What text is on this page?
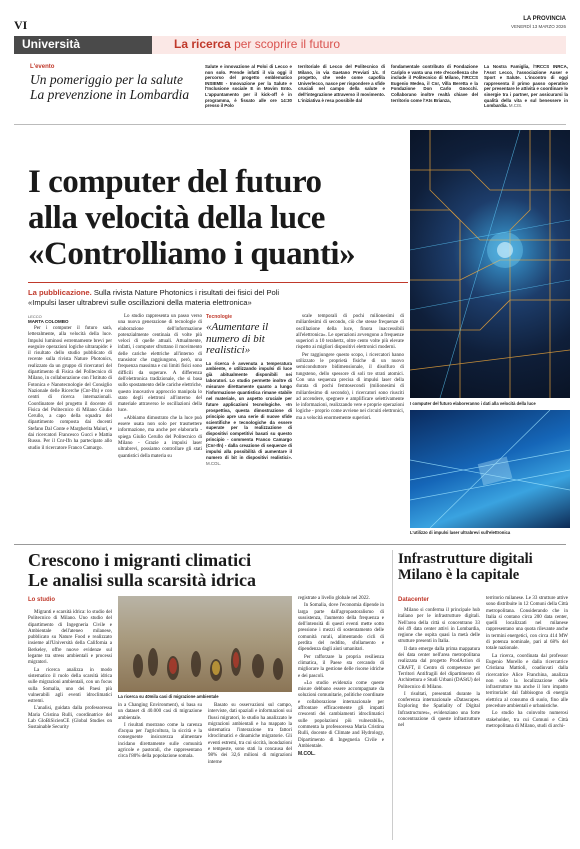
VI	LA PROVINCIA
VENERDÌ 13 MARZO 2026
Università	La ricerca per scoprire il futuro
L'evento
Un pomeriggio per la salute
La prevenzione in Lombardia
Salute e innovazione al Poloi di Lecco e non solo. Prende infatti il via oggi il percorso del progetto emblematico INSIEME - Innovazione per la Salute e l'Inclusione sociale E in Movim Ento. L'appuntamento per il kick-off è in programma, è fissato alle ore 14:30 presso il Polo
territoriale di Lecco del Politecnico di Milano, in via Gaetano Previati 1/c. Il progetto, che vede come capofila Univerlecco, nasce per rispondere a sfide cruciali nel campo della salute e dell'integrazione attraverso il movimento. L'iniziativa è resa possibile dal
fondamentale contributo di Fondazione Cariplo e vanta una rete d'eccellenza che include il Politecnico di Milano, l'IRCCS Eugenio Medea, il Cnr, Villa Beretta e la Fondazione Don Carlo Gnocchi. Collaborano inoltre realtà chiave del territorio come l'Ats Brianza,
La Nostra Famiglia, l'IRCCS INRCA, l'Asst Lecco, l'associazione Auser e Sport e Salute. L'incontro di oggi rappresenta il primo passo operativo per presentare le attività e coordinare le sinergie tra i partner, per assicurarsi la qualità della vita e sul benessere in Lombardia. M.CIS.
I computer del futuro
alla velocità della luce
«Controlliamo i quanti»
I computer del futuro elaboreranno i dati alla velocità della luce
La pubblicazione. Sulla rivista Nature Photonics i risultati dei fisici del Poli
«Impulsi laser ultrabrevi sulle oscillazioni della materia elettronica»
LECCO
MARTA COLOMBO

Per i computer il futuro sarà, letteralmente, alla velocità della luce. Impulsi luminosi estremamente brevi per eseguire operazioni logiche ultrarapide: è il risultato dello studio pubblicato di recente sulla rivista Nature Photonics, realizzato da un gruppo di ricercatori del dipartimento di Fisica del Politecnico di Milano, in collaborazione con l'Istituto di Fotonica e Nanotecnologie del Consiglio Nazionale delle Ricerche (Cnr-Ifn) e con centri di ricerca internazionali. Coordinatore del progetto il docente di Fisica del Politecnico di Milano Giulio Cerullo, a capo della squadra del dipartimento composta dai docenti Stefano Dal Conte e Margherita Maiuri, e dai ricercatori Francesco Gucci e Mattia Russo. Per il Cnr-Ifn ha partecipato allo studio il ricercatore Franco Camargo.

Lo studio rappresenta un passo verso una nuova generazione di tecnologie di elaborazione dell'informazione potenzialmente centinaia di volte più veloci di quelle attuali. Attualmente, infatti, i computer sfruttano il movimento delle cariche elettriche all'interno di transistor che raggiungono, però, una frequenza massima e cui limiti fisici sono difficili da superare. A differenza dell'elettronica tradizionale, che si basa sullo spostamento delle cariche elettriche, questo innovativo approccio manipola lo stato degli elettroni all'interno del materiale attraverso le oscillazioni della luce.

«Abbiamo dimostrato che la luce può essere usata non solo per trasmettere informazione, ma anche per elaborarla - spiega Giulio Cerullo del Politecnico di Milano - Grazie a impulsi laser ultrabrevi, possiamo controllare gli stati quantistici della materia su

Tecnologie
«Aumentare il numero di bit realistici»
La ricerca è avvenuta a temperatura ambiente, e utilizzando impulsi di luce già abitualmente disponibili nei laboratori. Lo studio permette inoltre di misurare direttamente quanto a lungo l'informazione quantistica rimane stabile nel materiale, un aspetto cruciale per future applicazioni tecnologiche. «In prospettiva, questa dimostrazione di principio apre una serie di nuove sfide scientifiche e tecnologiche da essere superate per la realizzazione di dispositivi competitivi basati su questo principio - commenta Franco Camargo (Cnr-Ifn) - dalla creazione di sequenze di impulsi alla possibilità di aumentare il numero di bit in dispositivi realistici». M.COL.

scale temporali di pochi milionesimi di miliardesimi di secondo, ciò che stesse frequenze di oscillazione della luce, finora inaccessibili all'elettronica». Le operazioni avvengono a frequenze superiori a 10 terahertz, oltre cento volte più elevate rispetto ai migliori dispositivi elettronici moderni.

Per raggiungere questo scopo, i ricercatori hanno utilizzato le proprietà fisiche di un nuovo semiconduttore bidimensionale, il disolfuro di tungsteno, dello spessore di soli tre strati atomici. Con una sequenza precisa di impulsi laser della durata di pochi femtosecondi (milionesimi di miliardesimo di secondo), i ricercatori sono riusciti ad accendere, spegnere e amplificare selettivamente le informazioni, realizzando vere e proprie operazioni logiche - proprio come avviene nei circuiti elettronici, ma a velocità enormemente superiori.

L'utilizzo di impulsi laser ultrabrevi sull'elettronica
Crescono i migranti climatici
Le analisi sulla scarsità idrica
Lo studio

Migranti e scarsità idrica: lo studio del Politecnico di Milano. Uno studio del dipartimento di Ingegneria Civile e Ambientale dell'ateneo milanese, pubblicato su Nature Food e realizzato insieme all'Università della California a Berkeley, offre nuove evidenze sul legame tra stress ambientali e processi migratori.

La ricerca analizza in modo sistematico il ruolo della scarsità idrica sulle migrazioni ambientali, con un focus sulla Somalia, uno dei Paesi più vulnerabili agli eventi idroclimatici estremi.

L'analisi, guidata dalla professoressa Maria Cristina Rulli, coordinatrice del Lab GloBiSicienCE (Global Studies on Sustainable Security

La ricerca su 40mila casi di migrazione ambientale

in a Changing Environment), si basa su un dataset di 40.000 casi di migrazione ambientale.

I risultati mostrano come la carenza d'acqua per l'agricoltura, la siccità e la conseguente insicurezza alimentare incidano direttamente sulle comunità agricole e pastorali, che rappresentano circa l'80% della popolazione somala.

Basato su osservazioni sul campo, interviste, dati spaziali e informazioni sui flussi migratori, lo studio ha analizzato le migrazioni ambientali e ha mappato la sistematica l'interazione tra fattori idroclimatici e dinamiche migratorie. Gli eventi estremi, tra cui siccità, inondazioni e tempeste, sono stati la concausa del 98% dei 32,6 milioni di migrazioni interne

registrate a livello globale nel 2022.

In Somalia, dove l'economia dipende in larga parte dall'agropastoralismo di sussistenza, l'aumento della frequenza e dell'intensità di questi eventi mette sotto pressione i mezzi di sostentamento delle comunità rurali, alimentando cicli di perdita del reddito, sfollamento e dipendenza dagli aiuti umanitari.

Per rafforzare la propria resilienza climatica, il Paese sta cercando di migliorare la gestione delle risorse idriche e dei pascoli.

«Lo studio evidenzia come queste misure debbano essere accompagnate da soluzioni comunitarie, politiche coordinate e collaborazione internazionale per affrontare efficacemente gli impatti crescenti dei cambiamenti idroclimatici sulle popolazioni più vulnerabili», commenta la professoressa Maria Cristina Rulli, docente di Climate and Hydrology, Dipartimento di Ingegneria Civile e Ambientale.

M.COL.

Infrastrutture digitali
Milano è la capitale
Datacenter

Milano si conferma il principale hub italiano per le infrastrutture digitali. Nell'area della città si concentrano 33 dei 49 data center attivi in Lombardia, regione che ospita quasi la metà delle strutture presenti in Italia.

Il dato emerge dalla prima mappatura dei data center nell'area metropolitana realizzata dal progetto ProdAction di CRAFT, il Centro di competenze per Territori Antifragili del dipartimento di Architettura e Studi Urbani (DAStU) del Politecnico di Milano.

I risultati, presentati durante la conferenza internazionale «Datascapes. Exploring the Spatiality of Digital Infrastructures», evidenziano una forte concentrazione di queste infrastrutture nel

territorio milanese. Le 33 strutture attive sono distribuite in 12 Comuni della Città metropolitana. Considerando che in Italia si contano circa 200 data center, quelli localizzati nel milanese rappresentano una quota rilevante anche in termini energetici, con circa 414 MW di potenza nominale, pari al 68% del totale nazionale.

La ricerca, coordinata dal professor Eugenio Morello e dalla ricercatrice Cristiana Mattioli, coadiuvati dalla ricercatrice Alice Franchina, analizza non solo la localizzazione delle infrastrutture ma anche il loro impatto territoriale: dal fabbisogno di energia elettrica al consumo di suolo, fino alle precedure ambientali e urbanistiche.

Lo studio ha coinvolto numerosi stakeholder, tra cui Comuni e Città metropolitana di Milano, studi di archi-
